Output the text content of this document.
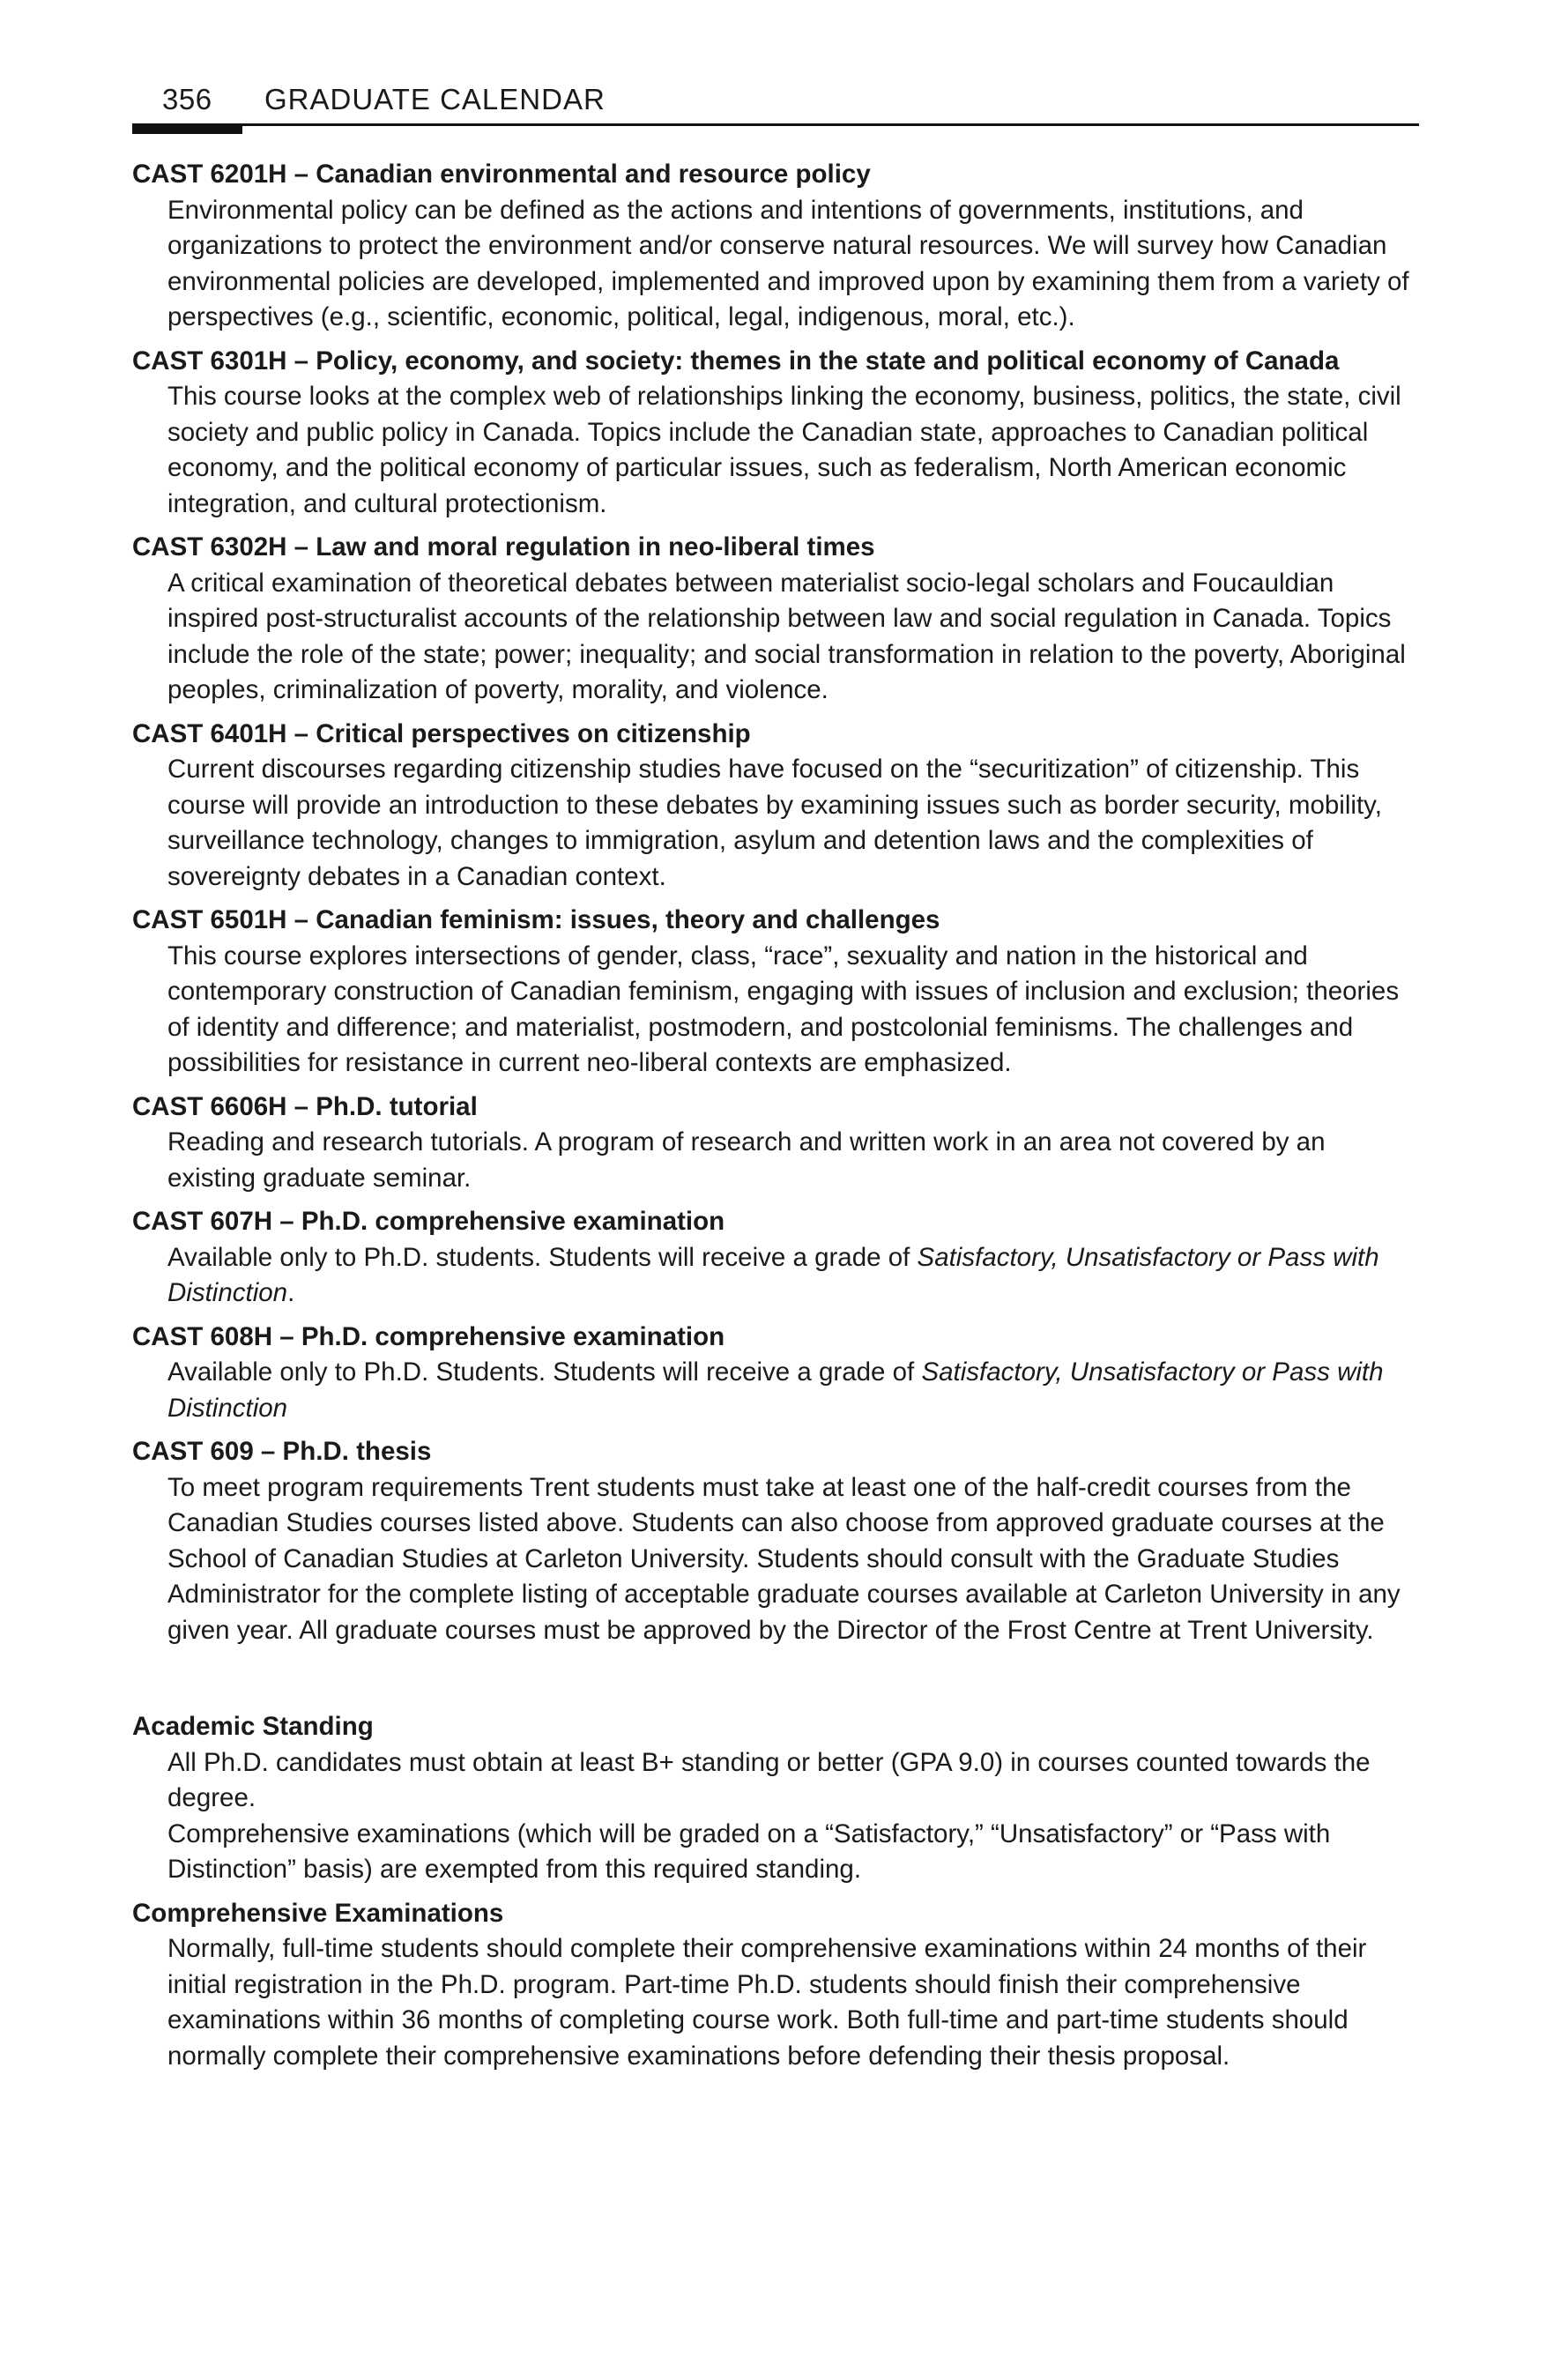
356 GRADUATE CALENDAR
CAST 6201H – Canadian environmental and resource policy
Environmental policy can be defined as the actions and intentions of governments, institutions, and organizations to protect the environment and/or conserve natural resources. We will survey how Canadian environmental policies are developed, implemented and improved upon by examining them from a variety of perspectives (e.g., scientific, economic, political, legal, indigenous, moral, etc.).
CAST 6301H – Policy, economy, and society: themes in the state and political economy of Canada
This course looks at the complex web of relationships linking the economy, business, politics, the state, civil society and public policy in Canada. Topics include the Canadian state, approaches to Canadian political economy, and the political economy of particular issues, such as federalism, North American economic integration, and cultural protectionism.
CAST 6302H – Law and moral regulation in neo-liberal times
A critical examination of theoretical debates between materialist socio-legal scholars and Foucauldian inspired post-structuralist accounts of the relationship between law and social regulation in Canada. Topics include the role of the state; power; inequality; and social transformation in relation to the poverty, Aboriginal peoples, criminalization of poverty, morality, and violence.
CAST 6401H – Critical perspectives on citizenship
Current discourses regarding citizenship studies have focused on the “securitization” of citizenship. This course will provide an introduction to these debates by examining issues such as border security, mobility, surveillance technology, changes to immigration, asylum and detention laws and the complexities of sovereignty debates in a Canadian context.
CAST 6501H – Canadian feminism: issues, theory and challenges
This course explores intersections of gender, class, “race”, sexuality and nation in the historical and contemporary construction of Canadian feminism, engaging with issues of inclusion and exclusion; theories of identity and difference; and materialist, postmodern, and postcolonial feminisms. The challenges and possibilities for resistance in current neo-liberal contexts are emphasized.
CAST 6606H – Ph.D. tutorial
Reading and research tutorials. A program of research and written work in an area not covered by an existing graduate seminar.
CAST 607H – Ph.D. comprehensive examination
Available only to Ph.D. students. Students will receive a grade of Satisfactory, Unsatisfactory or Pass with Distinction.
CAST 608H – Ph.D. comprehensive examination
Available only to Ph.D. Students. Students will receive a grade of Satisfactory, Unsatisfactory or Pass with Distinction
CAST 609 – Ph.D. thesis
To meet program requirements Trent students must take at least one of the half-credit courses from the Canadian Studies courses listed above. Students can also choose from approved graduate courses at the School of Canadian Studies at Carleton University. Students should consult with the Graduate Studies Administrator for the complete listing of acceptable graduate courses available at Carleton University in any given year. All graduate courses must be approved by the Director of the Frost Centre at Trent University.
Academic Standing
All Ph.D. candidates must obtain at least B+ standing or better (GPA 9.0) in courses counted towards the degree.
Comprehensive examinations (which will be graded on a “Satisfactory,” “Unsatisfactory” or “Pass with Distinction” basis) are exempted from this required standing.
Comprehensive Examinations
Normally, full-time students should complete their comprehensive examinations within 24 months of their initial registration in the Ph.D. program. Part-time Ph.D. students should finish their comprehensive examinations within 36 months of completing course work. Both full-time and part-time students should normally complete their comprehensive examinations before defending their thesis proposal.
